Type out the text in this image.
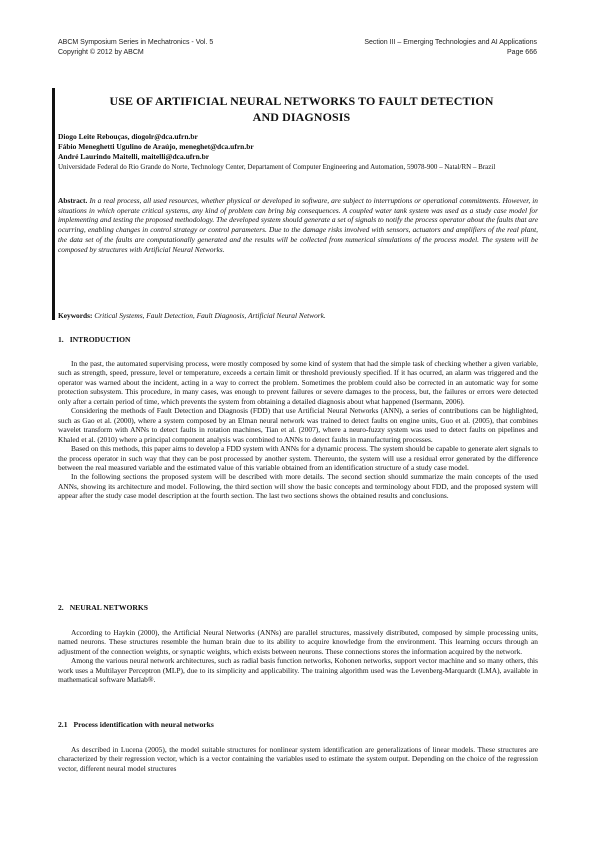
ABCM Symposium Series in Mechatronics - Vol. 5
Copyright © 2012 by ABCM
Section III – Emerging Technologies and AI Applications
Page 666
USE OF ARTIFICIAL NEURAL NETWORKS TO FAULT DETECTION
AND DIAGNOSIS
Diogo Leite Rebouças, diogolr@dca.ufrn.br
Fábio Meneghetti Ugulino de Araújo, meneghet@dca.ufrn.br
André Laurindo Maitelli, maitelli@dca.ufrn.br
Universidade Federal do Rio Grande do Norte, Technology Center, Departament of Computer Engineering and Automation, 59078-900 – Natal/RN – Brazil
Abstract. In a real process, all used resources, whether physical or developed in software, are subject to interruptions or operational commitments. However, in situations in which operate critical systems, any kind of problem can bring big consequences. A coupled water tank system was used as a study case model for implementing and testing the proposed methodology. The developed system should generate a set of signals to notify the process operator about the faults that are ocurring, enabling changes in control strategy or control parameters. Due to the damage risks involved with sensors, actuators and amplifiers of the real plant, the data set of the faults are computationally generated and the results will be collected from numerical simulations of the process model. The system will be composed by structures with Artificial Neural Networks.
Keywords: Critical Systems, Fault Detection, Fault Diagnosis, Artificial Neural Network.
1. INTRODUCTION

In the past, the automated supervising process, were mostly composed by some kind of system that had the simple task of checking whether a given variable, such as strength, speed, pressure, level or temperature, exceeds a certain limit or threshold previously specified. If it has ocurred, an alarm was triggered and the operator was warned about the incident, acting in a way to correct the problem. Sometimes the problem could also be corrected in an automatic way for some protection subsystem. This procedure, in many cases, was enough to prevent failures or severe damages to the process, but, the failures or errors were detected only after a certain period of time, which prevents the system from obtaining a detailed diagnosis about what happened (Isermann, 2006).

Considering the methods of Fault Detection and Diagnosis (FDD) that use Artificial Neural Networks (ANN), a series of contributions can be highlighted, such as Gao et al. (2000), where a system composed by an Elman neural network was trained to detect faults on engine units, Guo et al. (2005), that combines wavelet transform with ANNs to detect faults in rotation machines, Tian et al. (2007), where a neuro-fuzzy system was used to detect faults on pipelines and Khaled et al. (2010) where a principal component analysis was combined to ANNs to detect faults in manufacturing processes.

Based on this methods, this paper aims to develop a FDD system with ANNs for a dynamic process. The system should be capable to generate alert signals to the process operator in such way that they can be post processed by another system. Thereunto, the system will use a residual error generated by the difference between the real measured variable and the estimated value of this variable obtained from an identification structure of a study case model.

In the following sections the proposed system will be described with more details. The second section should summarize the main concepts of the used ANNs, showing its architecture and model. Following, the third section will show the basic concepts and terminology about FDD, and the proposed system will appear after the study case model description at the fourth section. The last two sections shows the obtained results and conclusions.

2. NEURAL NETWORKS

According to Haykin (2000), the Artificial Neural Networks (ANNs) are parallel structures, massively distributed, composed by simple processing units, named neurons. These structures resemble the human brain due to its ability to acquire knowledge from the environment. This learning occurs through an adjustment of the connection weights, or synaptic weights, which exists between neurons. These connections stores the information acquired by the network.

Among the various neural network architectures, such as radial basis function networks, Kohonen networks, support vector machine and so many others, this work uses a Multilayer Perceptron (MLP), due to its simplicity and applicability. The training algorithm used was the Levenberg-Marquardt (LMA), available in mathematical software Matlab®.

2.1 Process identification with neural networks

As described in Lucena (2005), the model suitable structures for nonlinear system identification are generalizations of linear models. These structures are characterized by their regression vector, which is a vector containing the variables used to estimate the system output. Depending on the choice of the regression vector, different neural model structures
